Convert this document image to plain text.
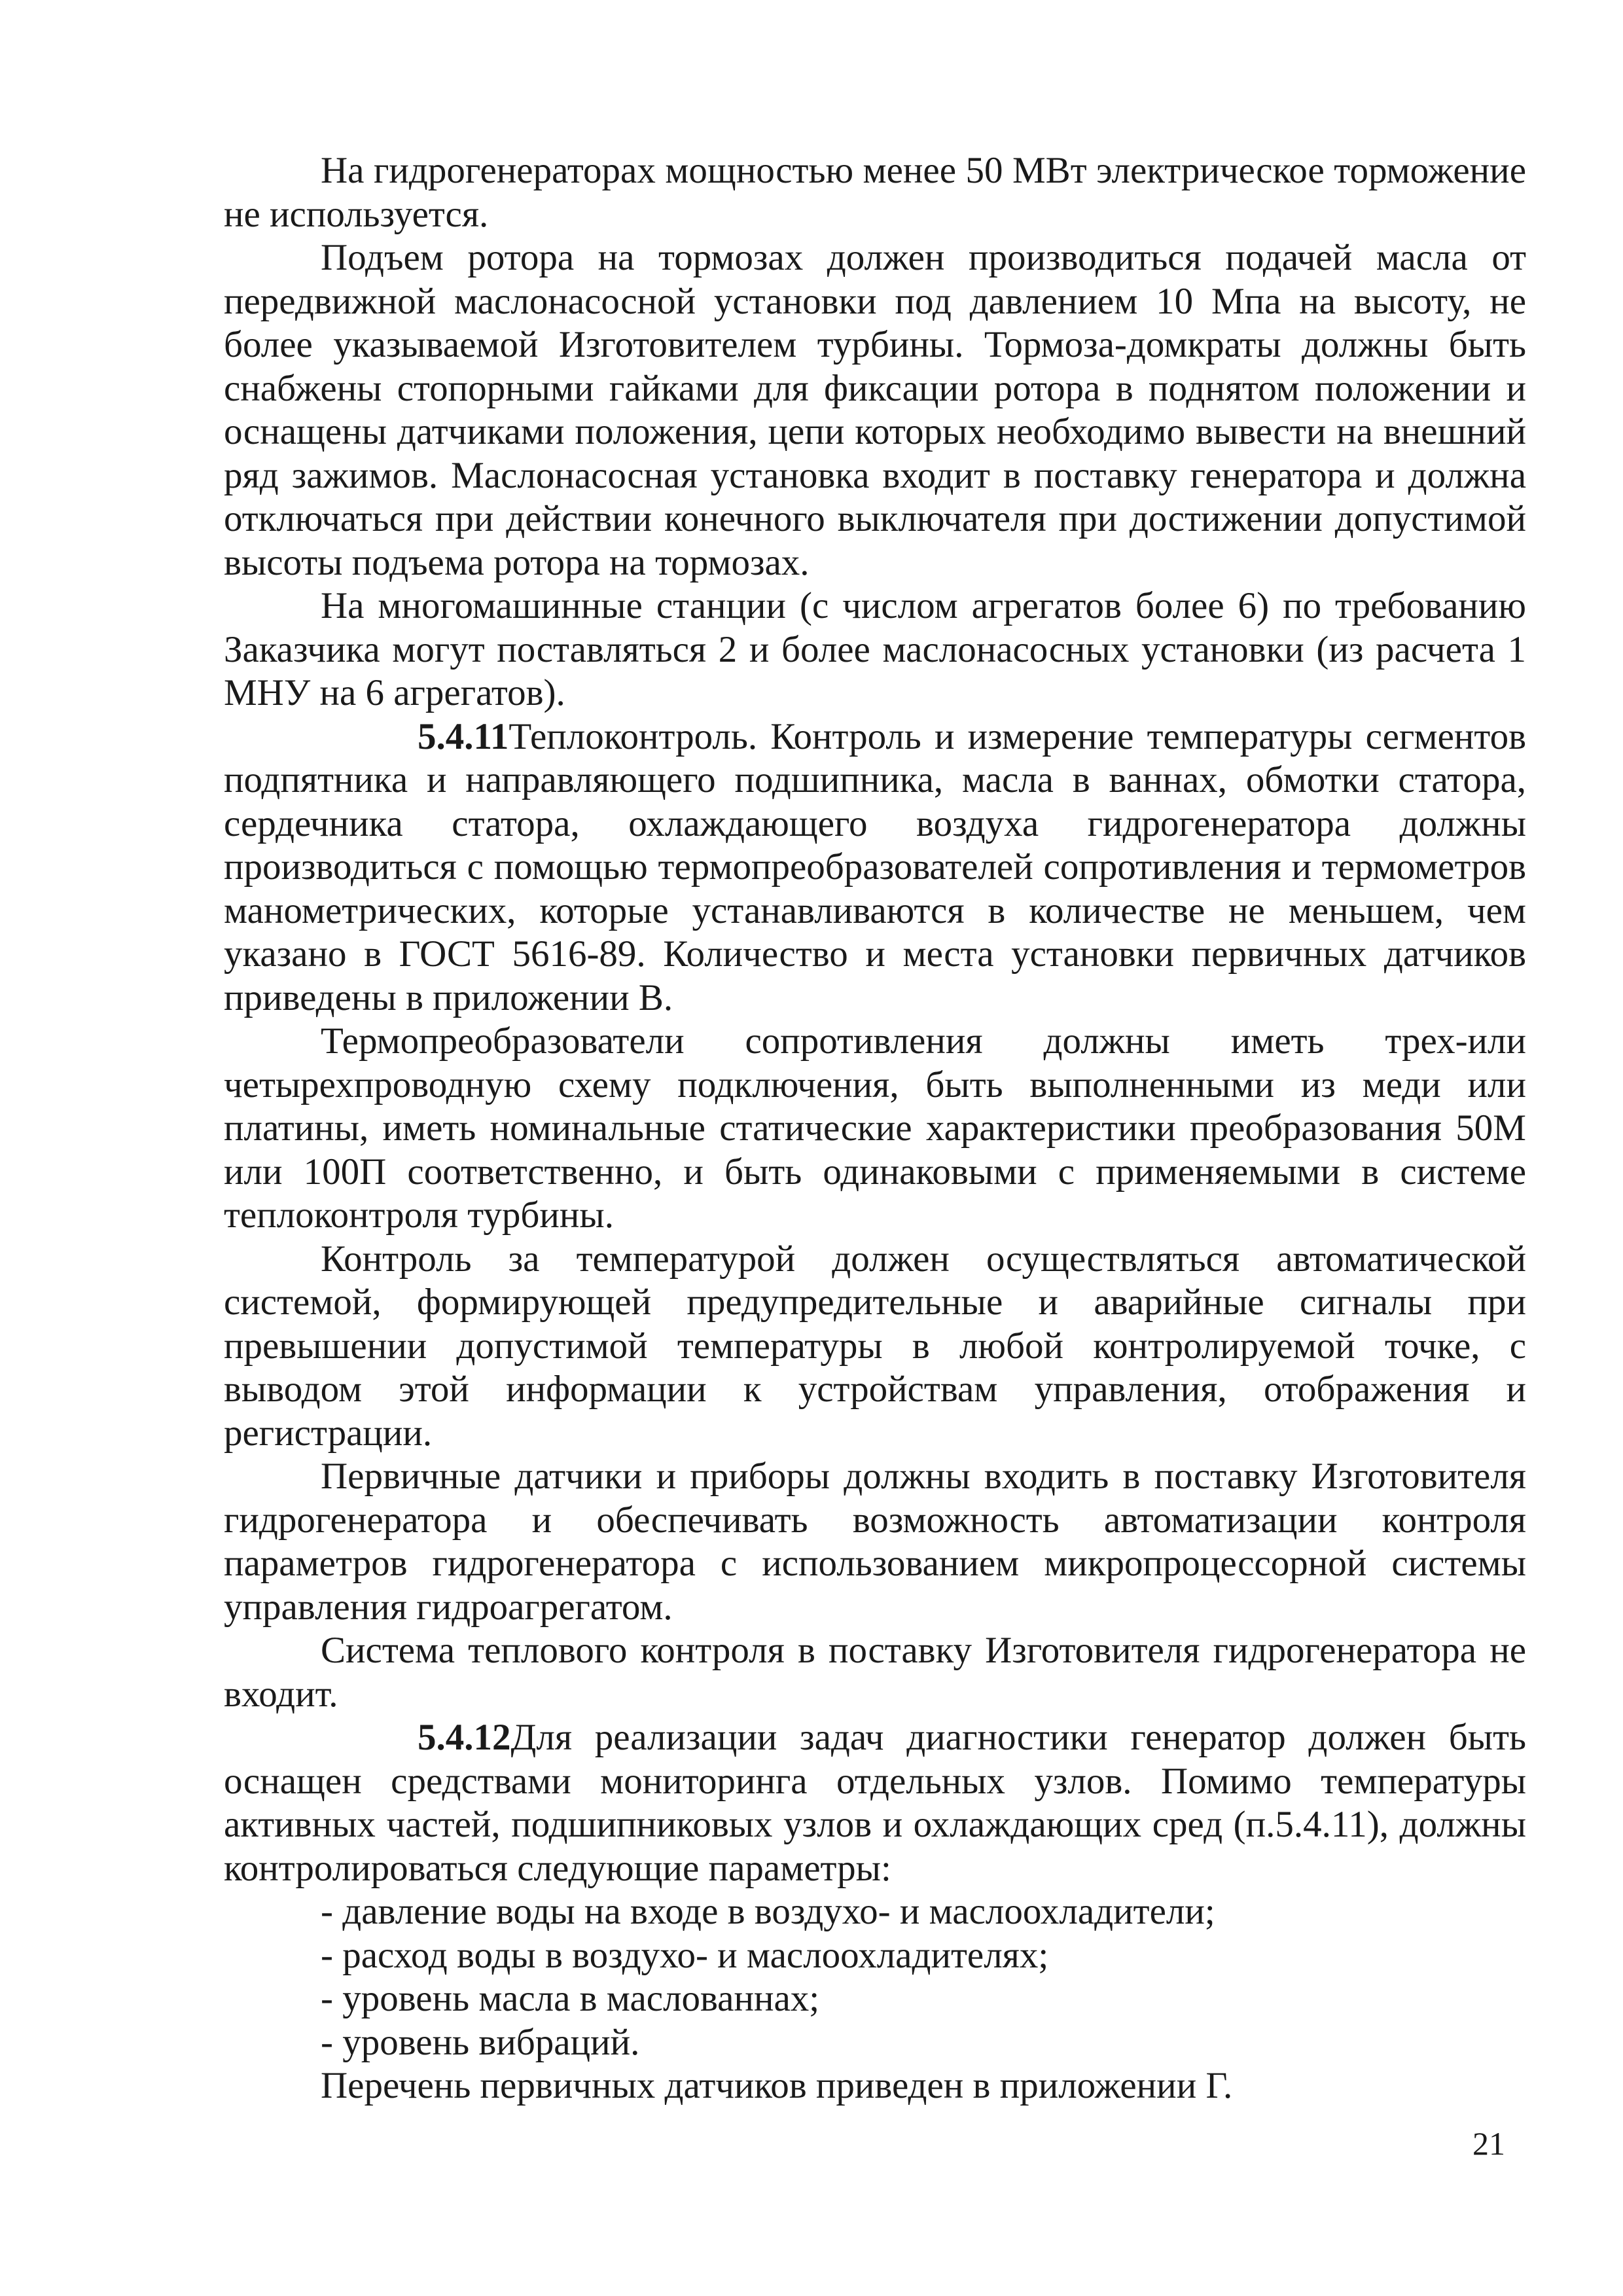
На гидрогенераторах мощностью менее 50 МВт электрическое торможение не используется.

Подъем ротора на тормозах должен производиться подачей масла от передвижной маслонасосной установки под давлением 10 Мпа на высоту, не более указываемой Изготовителем турбины. Тормоза-домкраты должны быть снабжены стопорными гайками для фиксации ротора в поднятом положении и оснащены датчиками положения, цепи которых необходимо вывести на внешний ряд зажимов. Маслонасосная установка входит в поставку генератора и должна отключаться при действии конечного выключателя при достижении допустимой высоты подъема ротора на тормозах.

На многомашинные станции (с числом агрегатов более 6) по требованию Заказчика могут поставляться 2 и более маслонасосных установки (из расчета 1 МНУ на 6 агрегатов).

5.4.11Теплоконтроль. Контроль и измерение температуры сегментов подпятника и направляющего подшипника, масла в ваннах, обмотки статора, сердечника статора, охлаждающего воздуха гидрогенератора должны производиться с помощью термопреобразователей сопротивления и термометров манометрических, которые устанавливаются в количестве не меньшем, чем указано в ГОСТ 5616-89. Количество и места установки первичных датчиков приведены в приложении В.

Термопреобразователи сопротивления должны иметь трех-или четырехпроводную схему подключения, быть выполненными из меди или платины, иметь номинальные статические характеристики преобразования 50М или 100П соответственно, и быть одинаковыми с применяемыми в системе теплоконтроля турбины.

Контроль за температурой должен осуществляться автоматической системой, формирующей предупредительные и аварийные сигналы при превышении допустимой температуры в любой контролируемой точке, с выводом этой информации к устройствам управления, отображения и регистрации.

Первичные датчики и приборы должны входить в поставку Изготовителя гидрогенератора и обеспечивать возможность автоматизации контроля параметров гидрогенератора с использованием микропроцессорной системы управления гидроагрегатом.

Система теплового контроля в поставку Изготовителя гидрогенератора не входит.

5.4.12Для реализации задач диагностики генератор должен быть оснащен средствами мониторинга отдельных узлов. Помимо температуры активных частей, подшипниковых узлов и охлаждающих сред (п.5.4.11), должны контролироваться следующие параметры:

- давление воды на входе в воздухо- и маслоохладители;
- расход воды в воздухо- и маслоохладителях;
- уровень масла в маслованнах;
- уровень вибраций.

Перечень первичных датчиков приведен в приложении Г.

21
